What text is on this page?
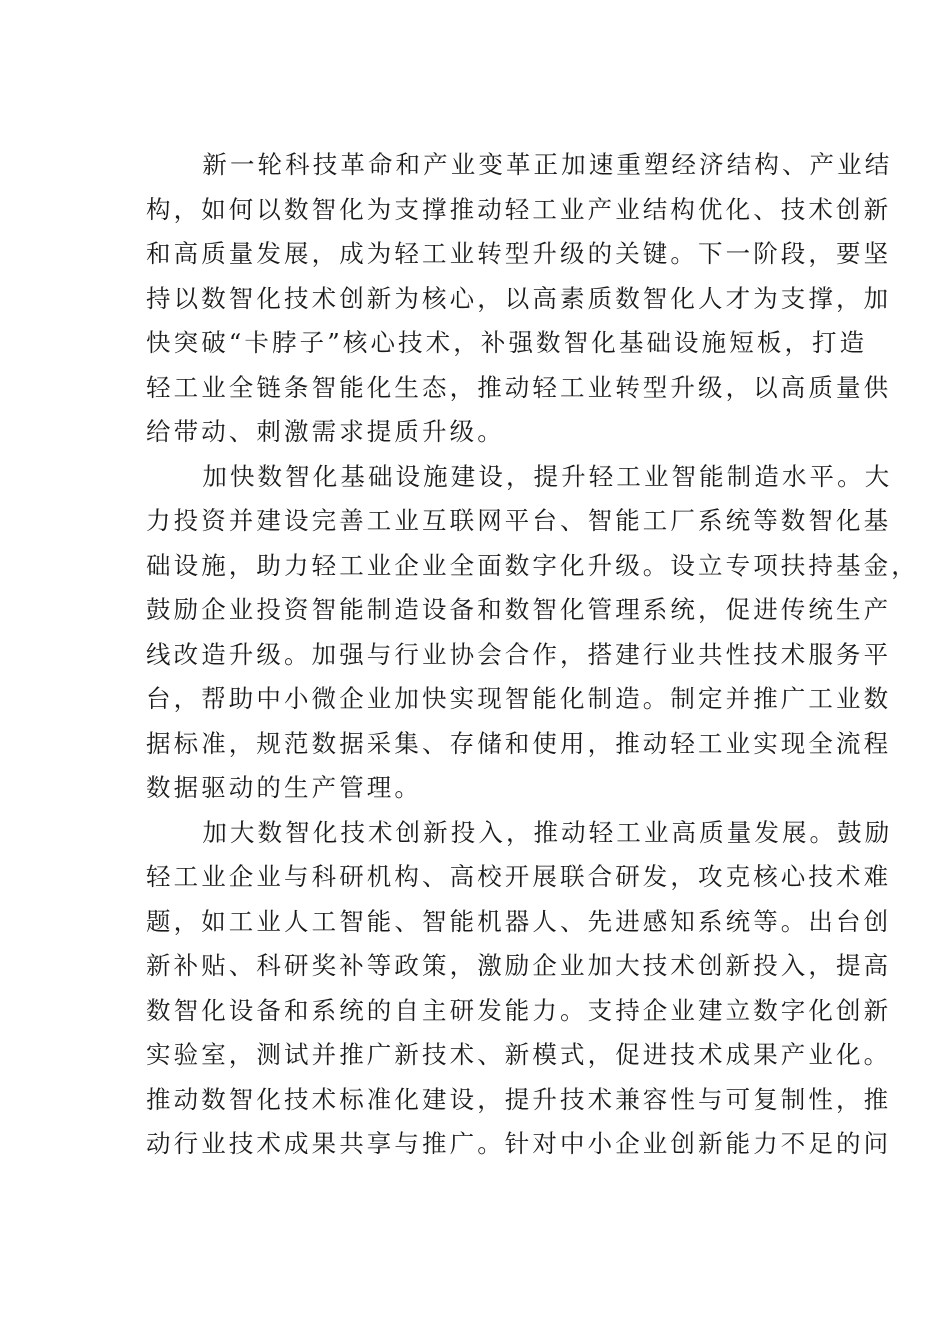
新一轮科技革命和产业变革正加速重塑经济结构、产业结
构，如何以数智化为支撑推动轻工业产业结构优化、技术创新
和高质量发展，成为轻工业转型升级的关键。下一阶段，要坚
持以数智化技术创新为核心，以高素质数智化人才为支撑，加
快突破“卡脖子”核心技术，补强数智化基础设施短板，打造
轻工业全链条智能化生态，推动轻工业转型升级，以高质量供
给带动、刺激需求提质升级。
加快数智化基础设施建设，提升轻工业智能制造水平。大
力投资并建设完善工业互联网平台、智能工厂系统等数智化基
础设施，助力轻工业企业全面数字化升级。设立专项扶持基金，
鼓励企业投资智能制造设备和数智化管理系统，促进传统生产
线改造升级。加强与行业协会合作，搭建行业共性技术服务平
台，帮助中小微企业加快实现智能化制造。制定并推广工业数
据标准，规范数据采集、存储和使用，推动轻工业实现全流程
数据驱动的生产管理。
加大数智化技术创新投入，推动轻工业高质量发展。鼓励
轻工业企业与科研机构、高校开展联合研发，攻克核心技术难
题，如工业人工智能、智能机器人、先进感知系统等。出台创
新补贴、科研奖补等政策，激励企业加大技术创新投入，提高
数智化设备和系统的自主研发能力。支持企业建立数字化创新
实验室，测试并推广新技术、新模式，促进技术成果产业化。
推动数智化技术标准化建设，提升技术兼容性与可复制性，推
动行业技术成果共享与推广。针对中小企业创新能力不足的问
